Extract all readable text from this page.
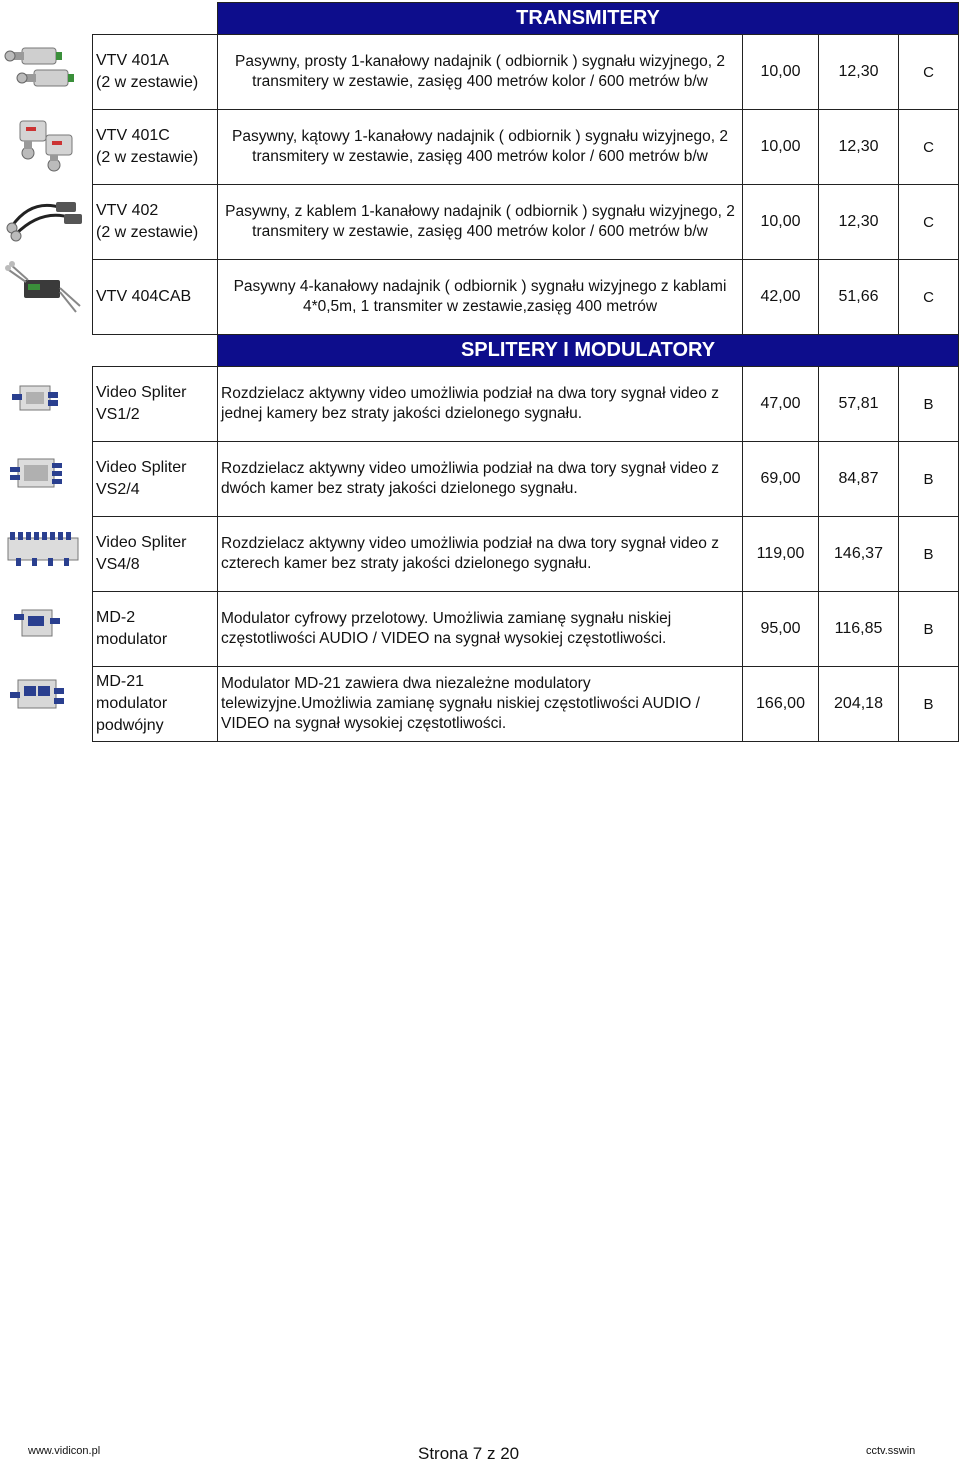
	TRANSMITERY			

VTV 401A
(2 w zestawie)	Pasywny, prosty 1-kanałowy nadajnik ( odbiornik ) sygnału wizyjnego, 2 transmitery w zestawie, zasięg 400 metrów kolor / 600 metrów b/w	10,00	12,30	C

VTV 401C
(2 w zestawie)	Pasywny, kątowy 1-kanałowy nadajnik ( odbiornik ) sygnału wizyjnego, 2 transmitery w zestawie, zasięg 400 metrów kolor / 600 metrów b/w	10,00	12,30	C

VTV 402
(2 w zestawie)	Pasywny, z kablem 1-kanałowy nadajnik ( odbiornik ) sygnału wizyjnego, 2 transmitery w zestawie, zasięg 400 metrów kolor / 600 metrów b/w	10,00	12,30	C

VTV 404CAB	Pasywny 4-kanałowy nadajnik ( odbiornik ) sygnału wizyjnego z kablami 4*0,5m, 1 transmiter w zestawie,zasięg 400 metrów	42,00	51,66	C
	SPLITERY I MODULATORY			

Video Spliter
VS1/2	Rozdzielacz aktywny video umożliwia podział na dwa tory sygnał video z jednej kamery bez straty jakości dzielonego sygnału.	47,00	57,81	B

Video Spliter
VS2/4	Rozdzielacz aktywny video umożliwia podział na dwa tory sygnał video z dwóch kamer bez straty jakości dzielonego sygnału.	69,00	84,87	B

Video Spliter
VS4/8	Rozdzielacz aktywny video umożliwia podział na dwa tory sygnał video z czterech kamer bez straty jakości dzielonego sygnału.	119,00	146,37	B

MD-2
modulator	Modulator cyfrowy przelotowy. Umożliwia zamianę sygnału niskiej częstotliwości AUDIO / VIDEO na sygnał wysokiej częstotliwości.	95,00	116,85	B

MD-21
modulator
podwójny	Modulator MD-21 zawiera dwa niezależne modulatory telewizyjne.Umożliwia zamianę sygnału niskiej częstotliwości AUDIO / VIDEO na sygnał wysokiej częstotliwości.	166,00	204,18	B
www.vidicon.pl	Strona 7 z 20	cctv.sswin
